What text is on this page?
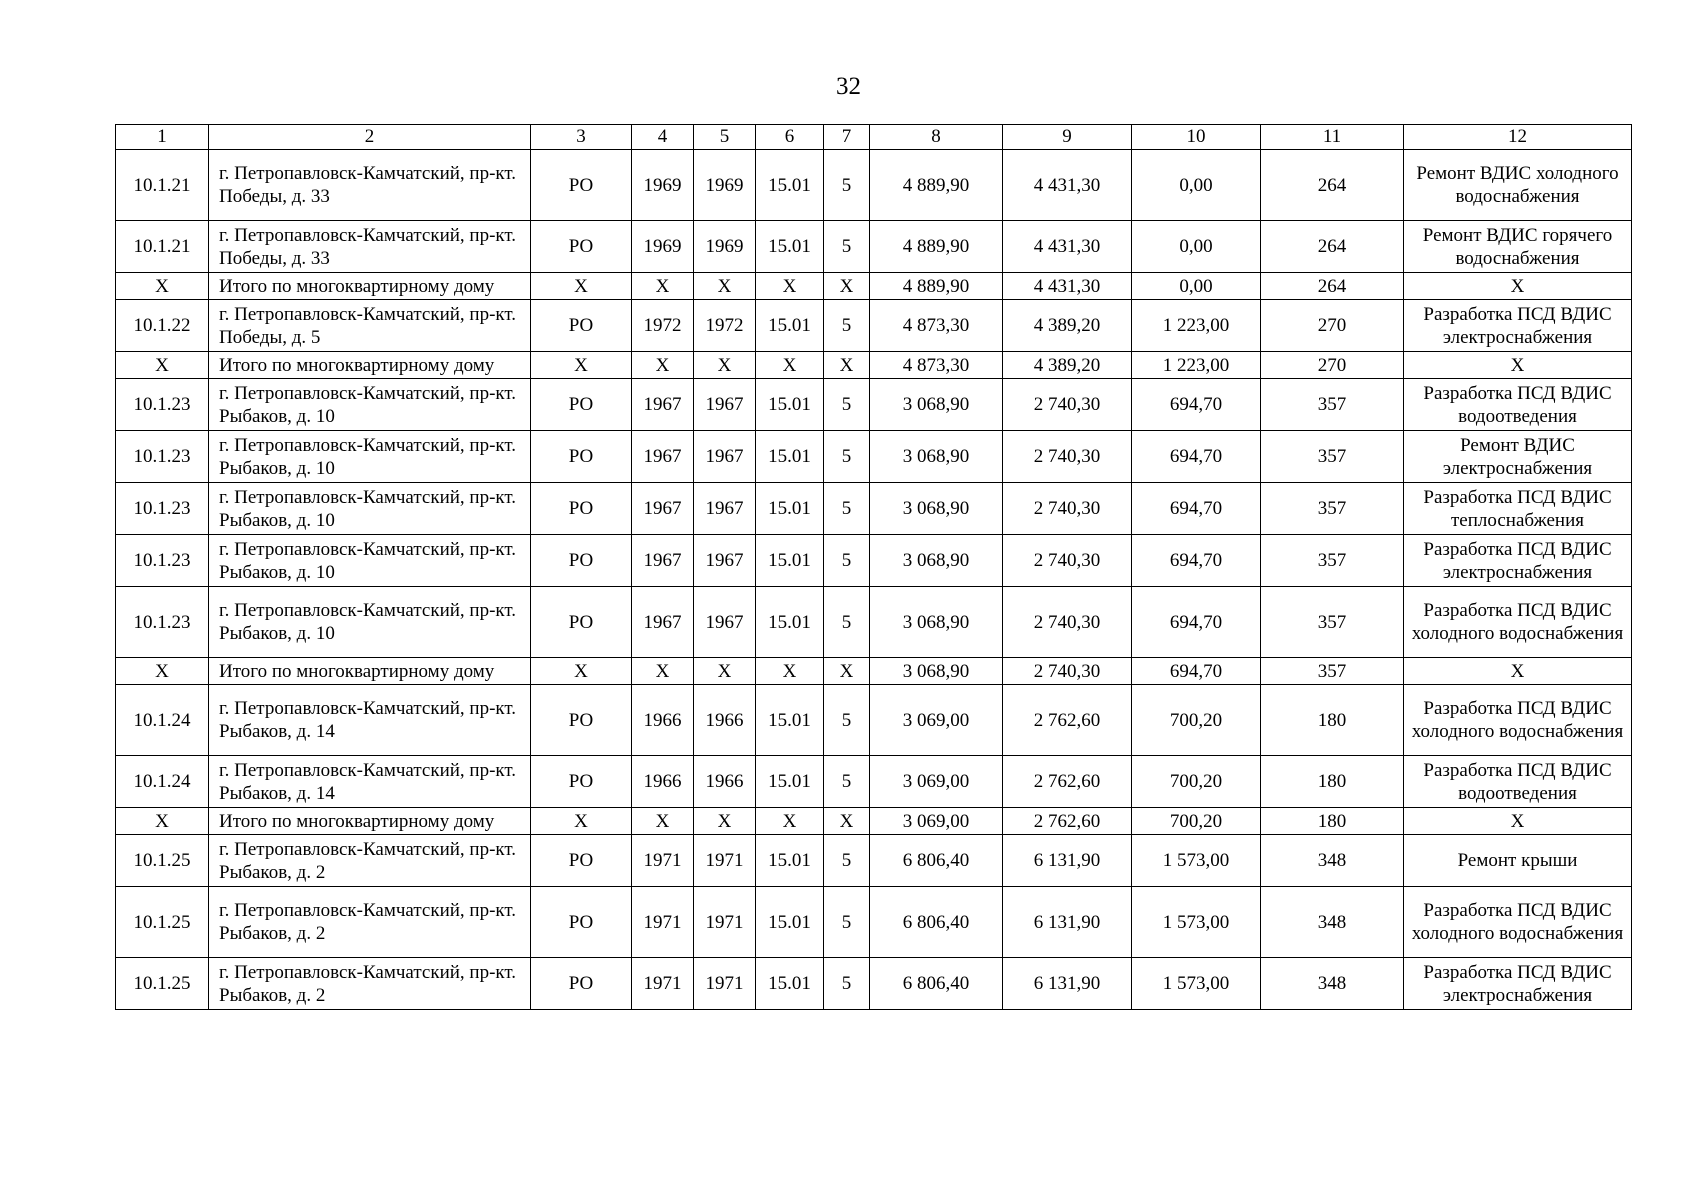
32
1	2	3	4	5	6	7	8	9	10	11	12
10.1.21	г. Петропавловск-Камчатский, пр-кт. Победы, д. 33	РО	1969	1969	15.01	5	4 889,90	4 431,30	0,00	264	Ремонт ВДИС холодного водоснабжения
10.1.21	г. Петропавловск-Камчатский, пр-кт. Победы, д. 33	РО	1969	1969	15.01	5	4 889,90	4 431,30	0,00	264	Ремонт ВДИС горячего водоснабжения
Х	Итого по многоквартирному дому	Х	Х	Х	Х	Х	4 889,90	4 431,30	0,00	264	Х
10.1.22	г. Петропавловск-Камчатский, пр-кт. Победы, д. 5	РО	1972	1972	15.01	5	4 873,30	4 389,20	1 223,00	270	Разработка ПСД ВДИС электроснабжения
Х	Итого по многоквартирному дому	Х	Х	Х	Х	Х	4 873,30	4 389,20	1 223,00	270	Х
10.1.23	г. Петропавловск-Камчатский, пр-кт. Рыбаков, д. 10	РО	1967	1967	15.01	5	3 068,90	2 740,30	694,70	357	Разработка ПСД ВДИС водоотведения
10.1.23	г. Петропавловск-Камчатский, пр-кт. Рыбаков, д. 10	РО	1967	1967	15.01	5	3 068,90	2 740,30	694,70	357	Ремонт ВДИС электроснабжения
10.1.23	г. Петропавловск-Камчатский, пр-кт. Рыбаков, д. 10	РО	1967	1967	15.01	5	3 068,90	2 740,30	694,70	357	Разработка ПСД ВДИС теплоснабжения
10.1.23	г. Петропавловск-Камчатский, пр-кт. Рыбаков, д. 10	РО	1967	1967	15.01	5	3 068,90	2 740,30	694,70	357	Разработка ПСД ВДИС электроснабжения
10.1.23	г. Петропавловск-Камчатский, пр-кт. Рыбаков, д. 10	РО	1967	1967	15.01	5	3 068,90	2 740,30	694,70	357	Разработка ПСД ВДИС холодного водоснабжения
Х	Итого по многоквартирному дому	Х	Х	Х	Х	Х	3 068,90	2 740,30	694,70	357	Х
10.1.24	г. Петропавловск-Камчатский, пр-кт. Рыбаков, д. 14	РО	1966	1966	15.01	5	3 069,00	2 762,60	700,20	180	Разработка ПСД ВДИС холодного водоснабжения
10.1.24	г. Петропавловск-Камчатский, пр-кт. Рыбаков, д. 14	РО	1966	1966	15.01	5	3 069,00	2 762,60	700,20	180	Разработка ПСД ВДИС водоотведения
Х	Итого по многоквартирному дому	Х	Х	Х	Х	Х	3 069,00	2 762,60	700,20	180	Х
10.1.25	г. Петропавловск-Камчатский, пр-кт. Рыбаков, д. 2	РО	1971	1971	15.01	5	6 806,40	6 131,90	1 573,00	348	Ремонт крыши
10.1.25	г. Петропавловск-Камчатский, пр-кт. Рыбаков, д. 2	РО	1971	1971	15.01	5	6 806,40	6 131,90	1 573,00	348	Разработка ПСД ВДИС холодного водоснабжения
10.1.25	г. Петропавловск-Камчатский, пр-кт. Рыбаков, д. 2	РО	1971	1971	15.01	5	6 806,40	6 131,90	1 573,00	348	Разработка ПСД ВДИС электроснабжения
